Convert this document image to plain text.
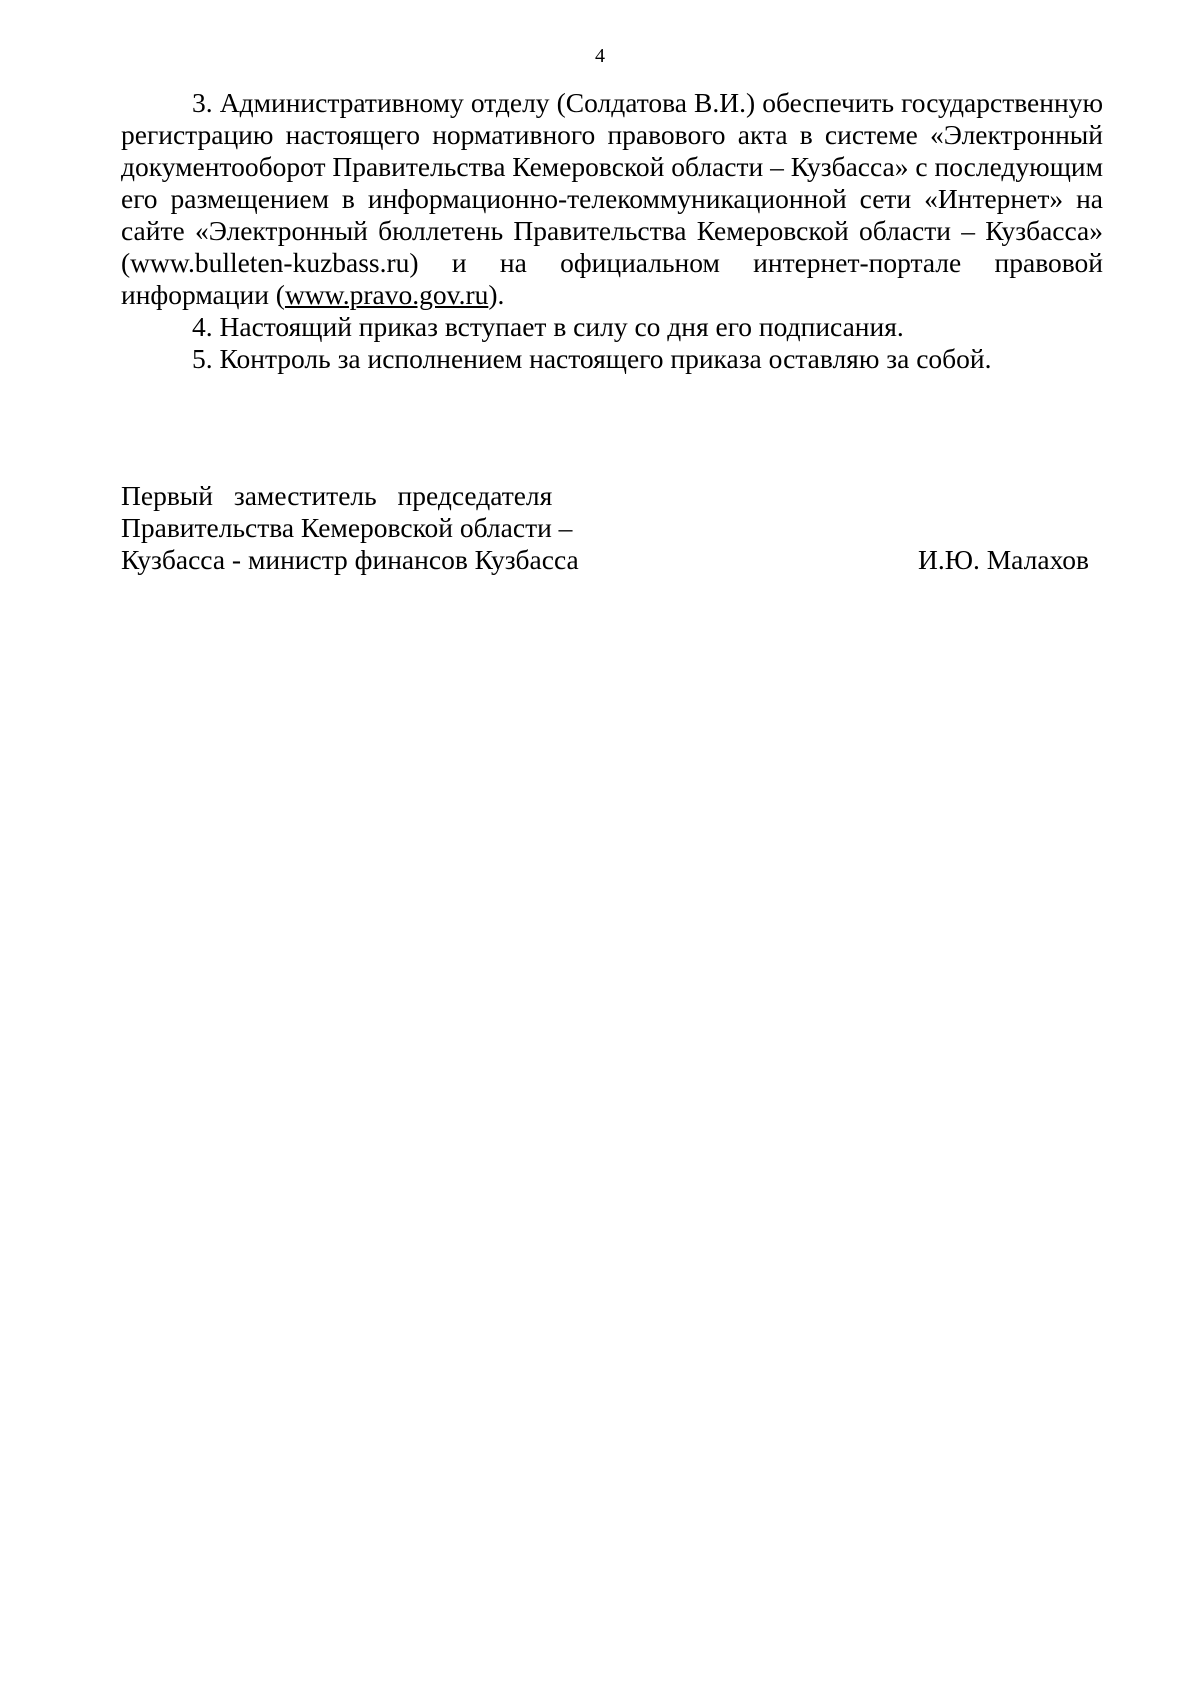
4

3. Административному отделу (Солдатова В.И.) обеспечить государственную регистрацию настоящего нормативного правового акта в системе «Электронный документооборот Правительства Кемеровской области – Кузбасса» с последующим его размещением в информационно-телекоммуникационной сети «Интернет» на сайте «Электронный бюллетень Правительства Кемеровской области – Кузбасса» (www.bulleten-kuzbass.ru) и на официальном интернет-портале правовой информации (www.pravo.gov.ru).

4. Настоящий приказ вступает в силу со дня его подписания.

5. Контроль за исполнением настоящего приказа оставляю за собой.

Первый заместитель председателя
Правительства Кемеровской области –
Кузбасса - министр финансов Кузбасса	И.Ю. Малахов
